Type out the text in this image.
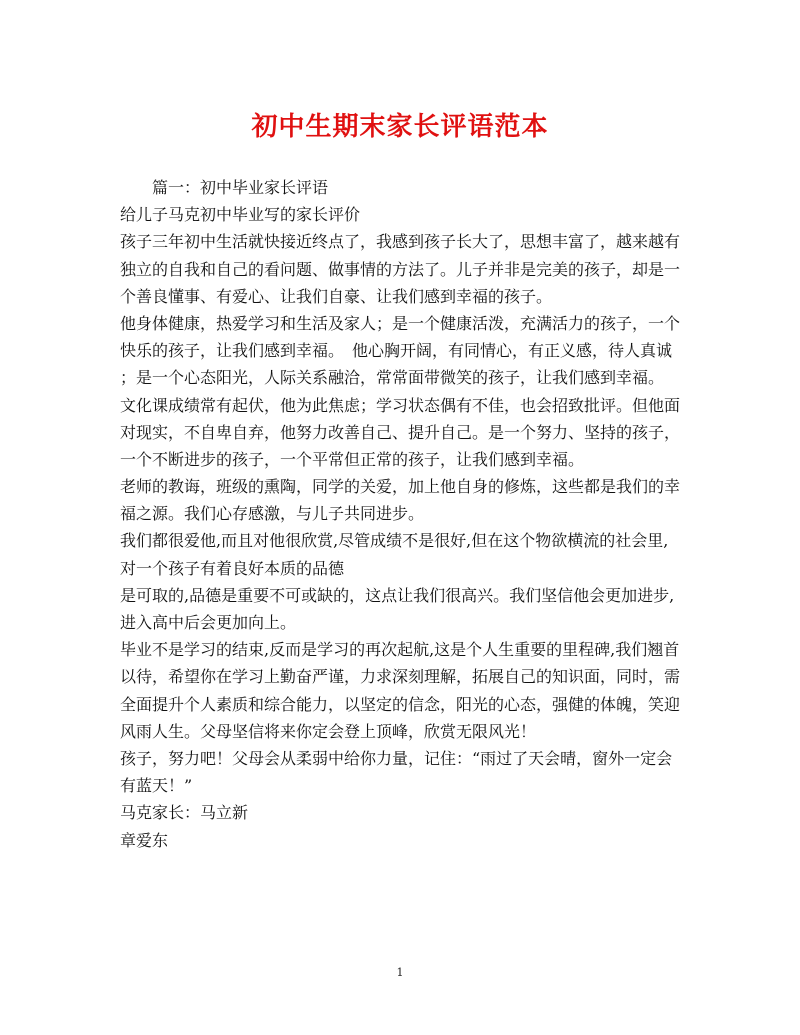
初中生期末家长评语范本
篇一：初中毕业家长评语
给儿子马克初中毕业写的家长评价
孩子三年初中生活就快接近终点了，我感到孩子长大了，思想丰富了，越来越有
独立的自我和自己的看问题、做事情的方法了。儿子并非是完美的孩子，却是一
个善良懂事、有爱心、让我们自豪、让我们感到幸福的孩子。
他身体健康，热爱学习和生活及家人；是一个健康活泼，充满活力的孩子，一个
快乐的孩子，让我们感到幸福。　他心胸开阔，有同情心，有正义感，待人真诚
；是一个心态阳光，人际关系融洽，常常面带微笑的孩子，让我们感到幸福。
文化课成绩常有起伏，他为此焦虑；学习状态偶有不佳，也会招致批评。但他面
对现实，不自卑自弃，他努力改善自己、提升自己。是一个努力、坚持的孩子，
一个不断进步的孩子，一个平常但正常的孩子，让我们感到幸福。
老师的教诲，班级的熏陶，同学的关爱，加上他自身的修炼，这些都是我们的幸
福之源。我们心存感激，与儿子共同进步。
我们都很爱他,而且对他很欣赏,尽管成绩不是很好,但在这个物欲横流的社会里,
对一个孩子有着良好本质的品德
是可取的,品德是重要不可或缺的，这点让我们很高兴。我们坚信他会更加进步,
进入高中后会更加向上。
毕业不是学习的结束,反而是学习的再次起航,这是个人生重要的里程碑,我们翘首
以待，希望你在学习上勤奋严谨，力求深刻理解，拓展自己的知识面，同时，需
全面提升个人素质和综合能力，以坚定的信念，阳光的心态，强健的体魄，笑迎
风雨人生。父母坚信将来你定会登上顶峰，欣赏无限风光！
孩子，努力吧！父母会从柔弱中给你力量，记住：“雨过了天会晴，窗外一定会
有蓝天！”
马克家长：马立新
章爱东
1
